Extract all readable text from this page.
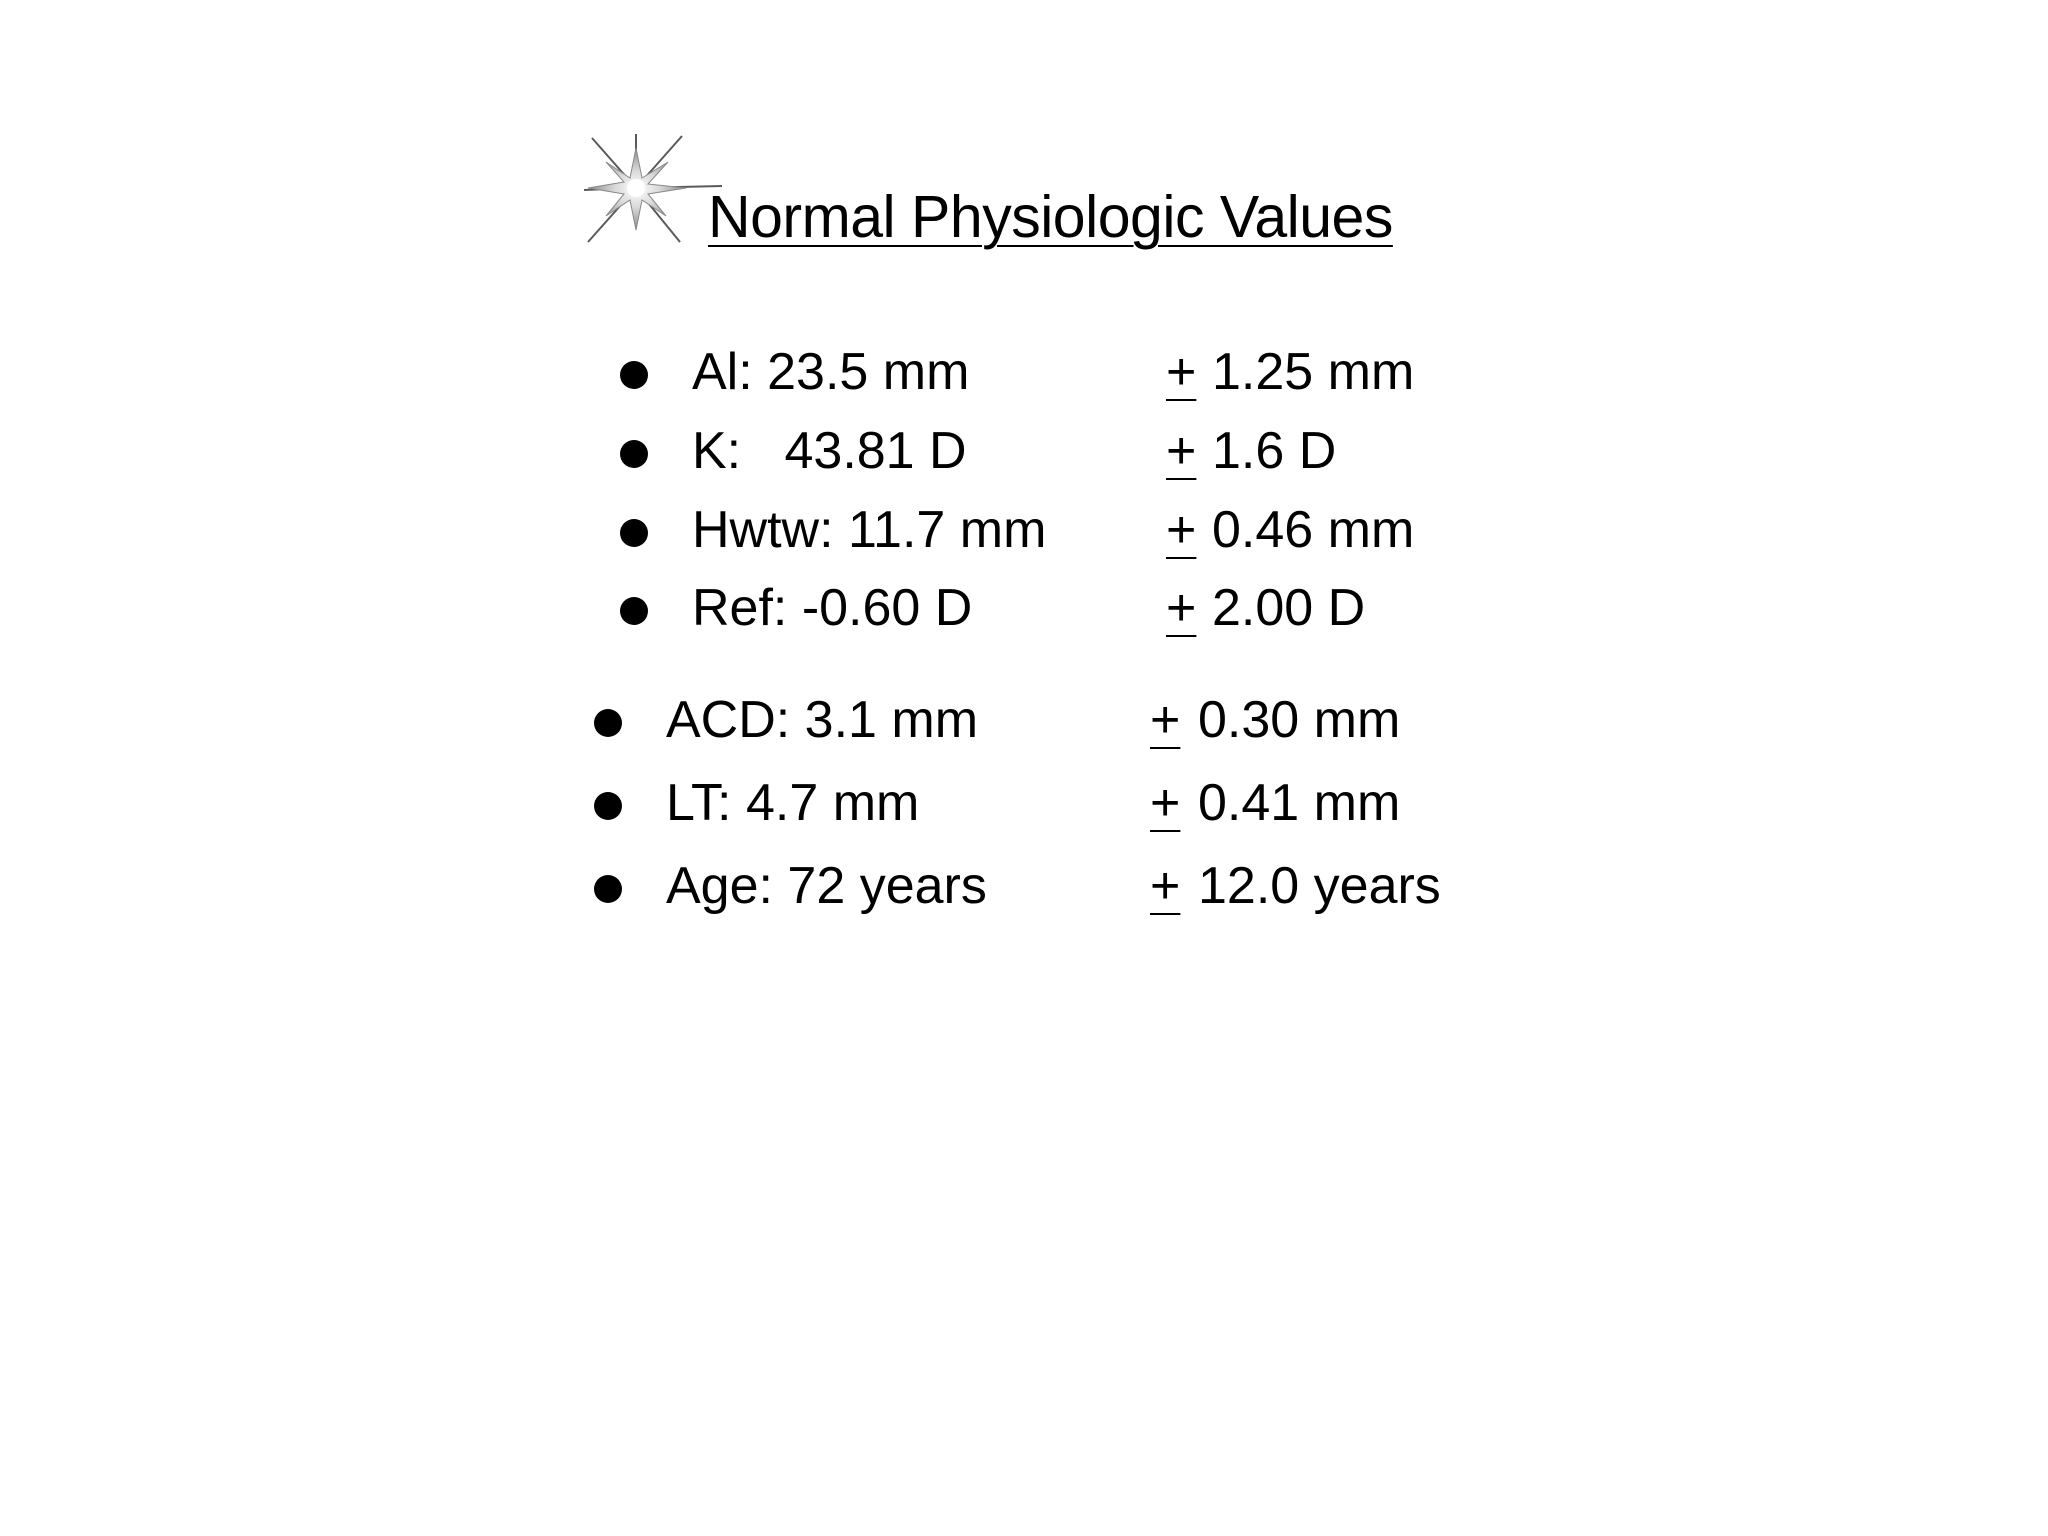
Normal Physiologic Values
Al: 23.5 mm	+ 1.25 mm
K:   43.81 D	+ 1.6 D
Hwtw: 11.7 mm + 0.46 mm
Ref: -0.60 D	+ 2.00 D
ACD: 3.1 mm	+ 0.30 mm
LT: 4.7 mm	+ 0.41 mm
Age: 72 years	+ 12.0 years
